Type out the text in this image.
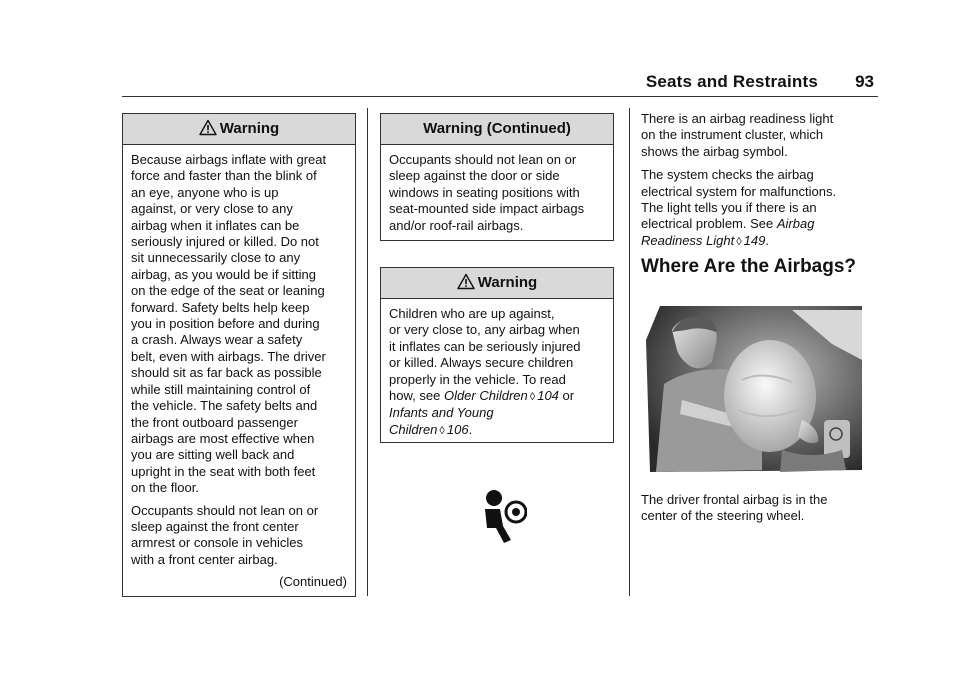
Seats and Restraints 93
Warning

Because airbags inflate with great
force and faster than the blink of
an eye, anyone who is up
against, or very close to any
airbag when it inflates can be
seriously injured or killed. Do not
sit unnecessarily close to any
airbag, as you would be if sitting
on the edge of the seat or leaning
forward. Safety belts help keep
you in position before and during
a crash. Always wear a safety
belt, even with airbags. The driver
should sit as far back as possible
while still maintaining control of
the vehicle. The safety belts and
the front outboard passenger
airbags are most effective when
you are sitting well back and
upright in the seat with both feet
on the floor.

Occupants should not lean on or
sleep against the front center
armrest or console in vehicles
with a front center airbag.

(Continued)
Warning (Continued)

Occupants should not lean on or
sleep against the door or side
windows in seating positions with
seat-mounted side impact airbags
and/or roof-rail airbags.

Warning

Children who are up against,
or very close to, any airbag when
it inflates can be seriously injured
or killed. Always secure children
properly in the vehicle. To read
how, see Older Children ◊ 104 or
Infants and Young
Children ◊ 106.

There is an airbag readiness light
on the instrument cluster, which
shows the airbag symbol.

The system checks the airbag
electrical system for malfunctions.
The light tells you if there is an
electrical problem. See Airbag
Readiness Light ◊ 149.

Where Are the Airbags?

The driver frontal airbag is in the
center of the steering wheel.
